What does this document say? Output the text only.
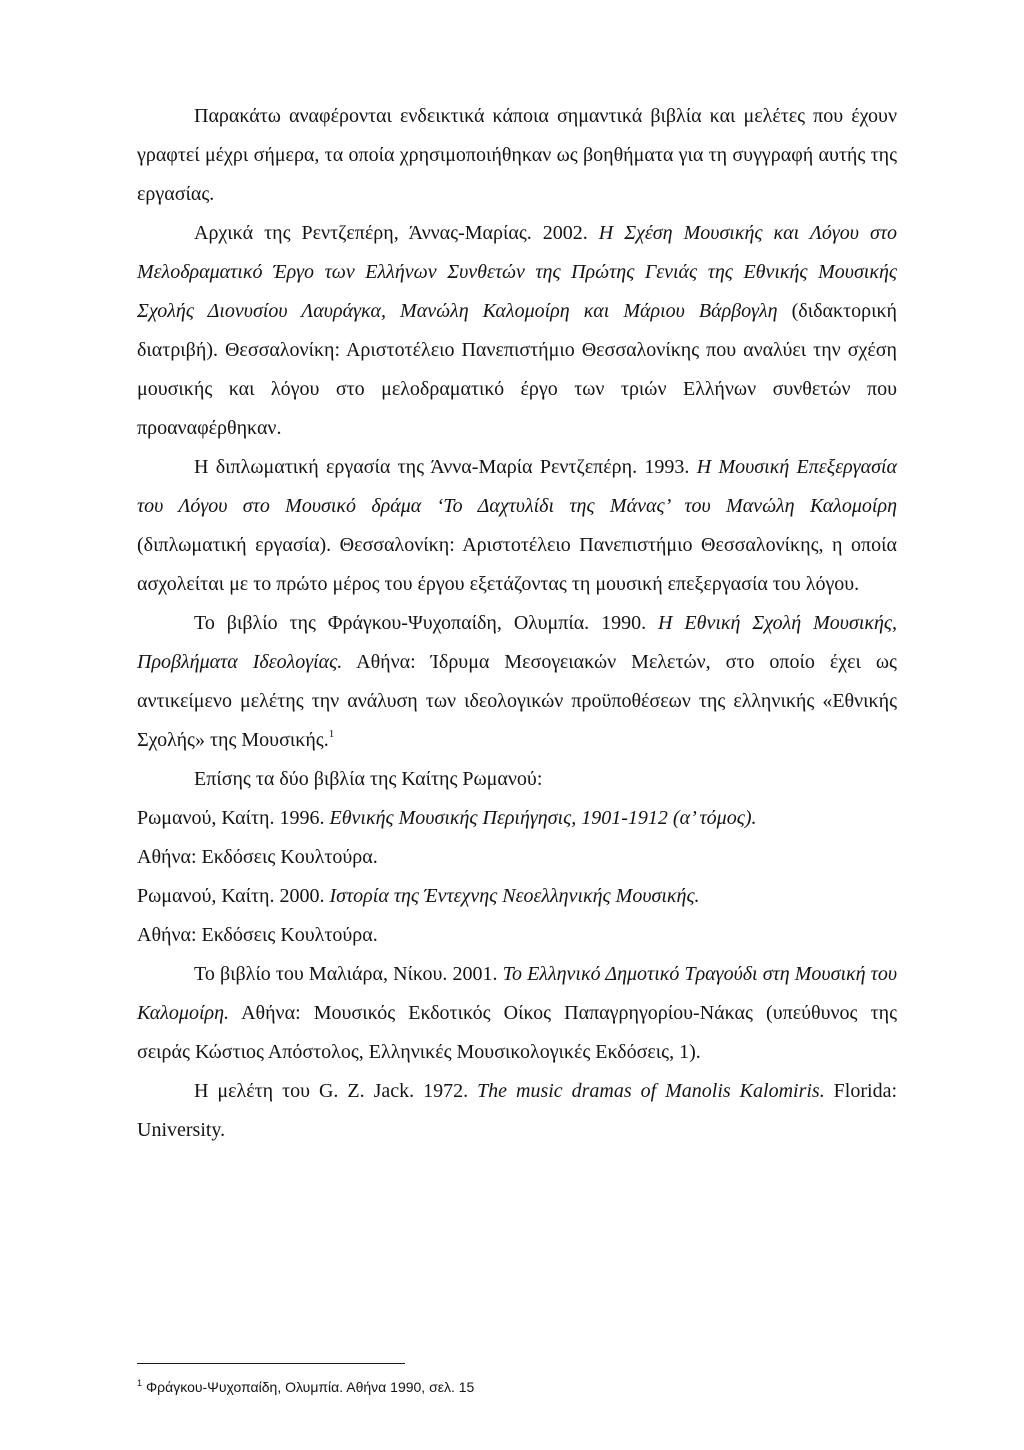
Παρακάτω αναφέρονται ενδεικτικά κάποια σημαντικά βιβλία και μελέτες που έχουν γραφτεί μέχρι σήμερα, τα οποία χρησιμοποιήθηκαν ως βοηθήματα για τη συγγραφή αυτής της εργασίας.

Αρχικά της Ρεντζεπέρη, Άννας-Μαρίας. 2002. Η Σχέση Μουσικής και Λόγου στο Μελοδραματικό Έργο των Ελλήνων Συνθετών της Πρώτης Γενιάς της Εθνικής Μουσικής Σχολής Διονυσίου Λαυράγκα, Μανώλη Καλομοίρη και Μάριου Βάρβογλη (διδακτορική διατριβή). Θεσσαλονίκη: Αριστοτέλειο Πανεπιστήμιο Θεσσαλονίκης που αναλύει την σχέση μουσικής και λόγου στο μελοδραματικό έργο των τριών Ελλήνων συνθετών που προαναφέρθηκαν.

Η διπλωματική εργασία της Άννα-Μαρία Ρεντζεπέρη. 1993. Η Μουσική Επεξεργασία του Λόγου στο Μουσικό δράμα ‘Το Δαχτυλίδι της Μάνας’ του Μανώλη Καλομοίρη (διπλωματική εργασία). Θεσσαλονίκη: Αριστοτέλειο Πανεπιστήμιο Θεσσαλονίκης, η οποία ασχολείται με το πρώτο μέρος του έργου εξετάζοντας τη μουσική επεξεργασία του λόγου.

Το βιβλίο της Φράγκου-Ψυχοπαίδη, Ολυμπία. 1990. Η Εθνική Σχολή Μουσικής, Προβλήματα Ιδεολογίας. Αθήνα: Ίδρυμα Μεσογειακών Μελετών, στο οποίο έχει ως αντικείμενο μελέτης την ανάλυση των ιδεολογικών προϋποθέσεων της ελληνικής «Εθνικής Σχολής» της Μουσικής.$^1$

Επίσης τα δύο βιβλία της Καίτης Ρωμανού:

Ρωμανού, Καίτη. 1996. Εθνικής Μουσικής Περιήγησις, 1901-1912 (α’ τόμος).

Αθήνα: Εκδόσεις Κουλτούρα.

Ρωμανού, Καίτη. 2000. Ιστορία της Έντεχνης Νεοελληνικής Μουσικής.

Αθήνα: Εκδόσεις Κουλτούρα.

Το βιβλίο του Μαλιάρα, Νίκου. 2001. Το Ελληνικό Δημοτικό Τραγούδι στη Μουσική του Καλομοίρη. Αθήνα: Μουσικός Εκδοτικός Οίκος Παπαγρηγορίου-Νάκας (υπεύθυνος της σειράς Κώστιος Απόστολος, Ελληνικές Μουσικολογικές Εκδόσεις, 1).

Η μελέτη του G. Z. Jack. 1972. The music dramas of Manolis Kalomiris. Florida: University.

$^1$ Φράγκου-Ψυχοπαίδη, Ολυμπία. Αθήνα 1990, σελ. 15
